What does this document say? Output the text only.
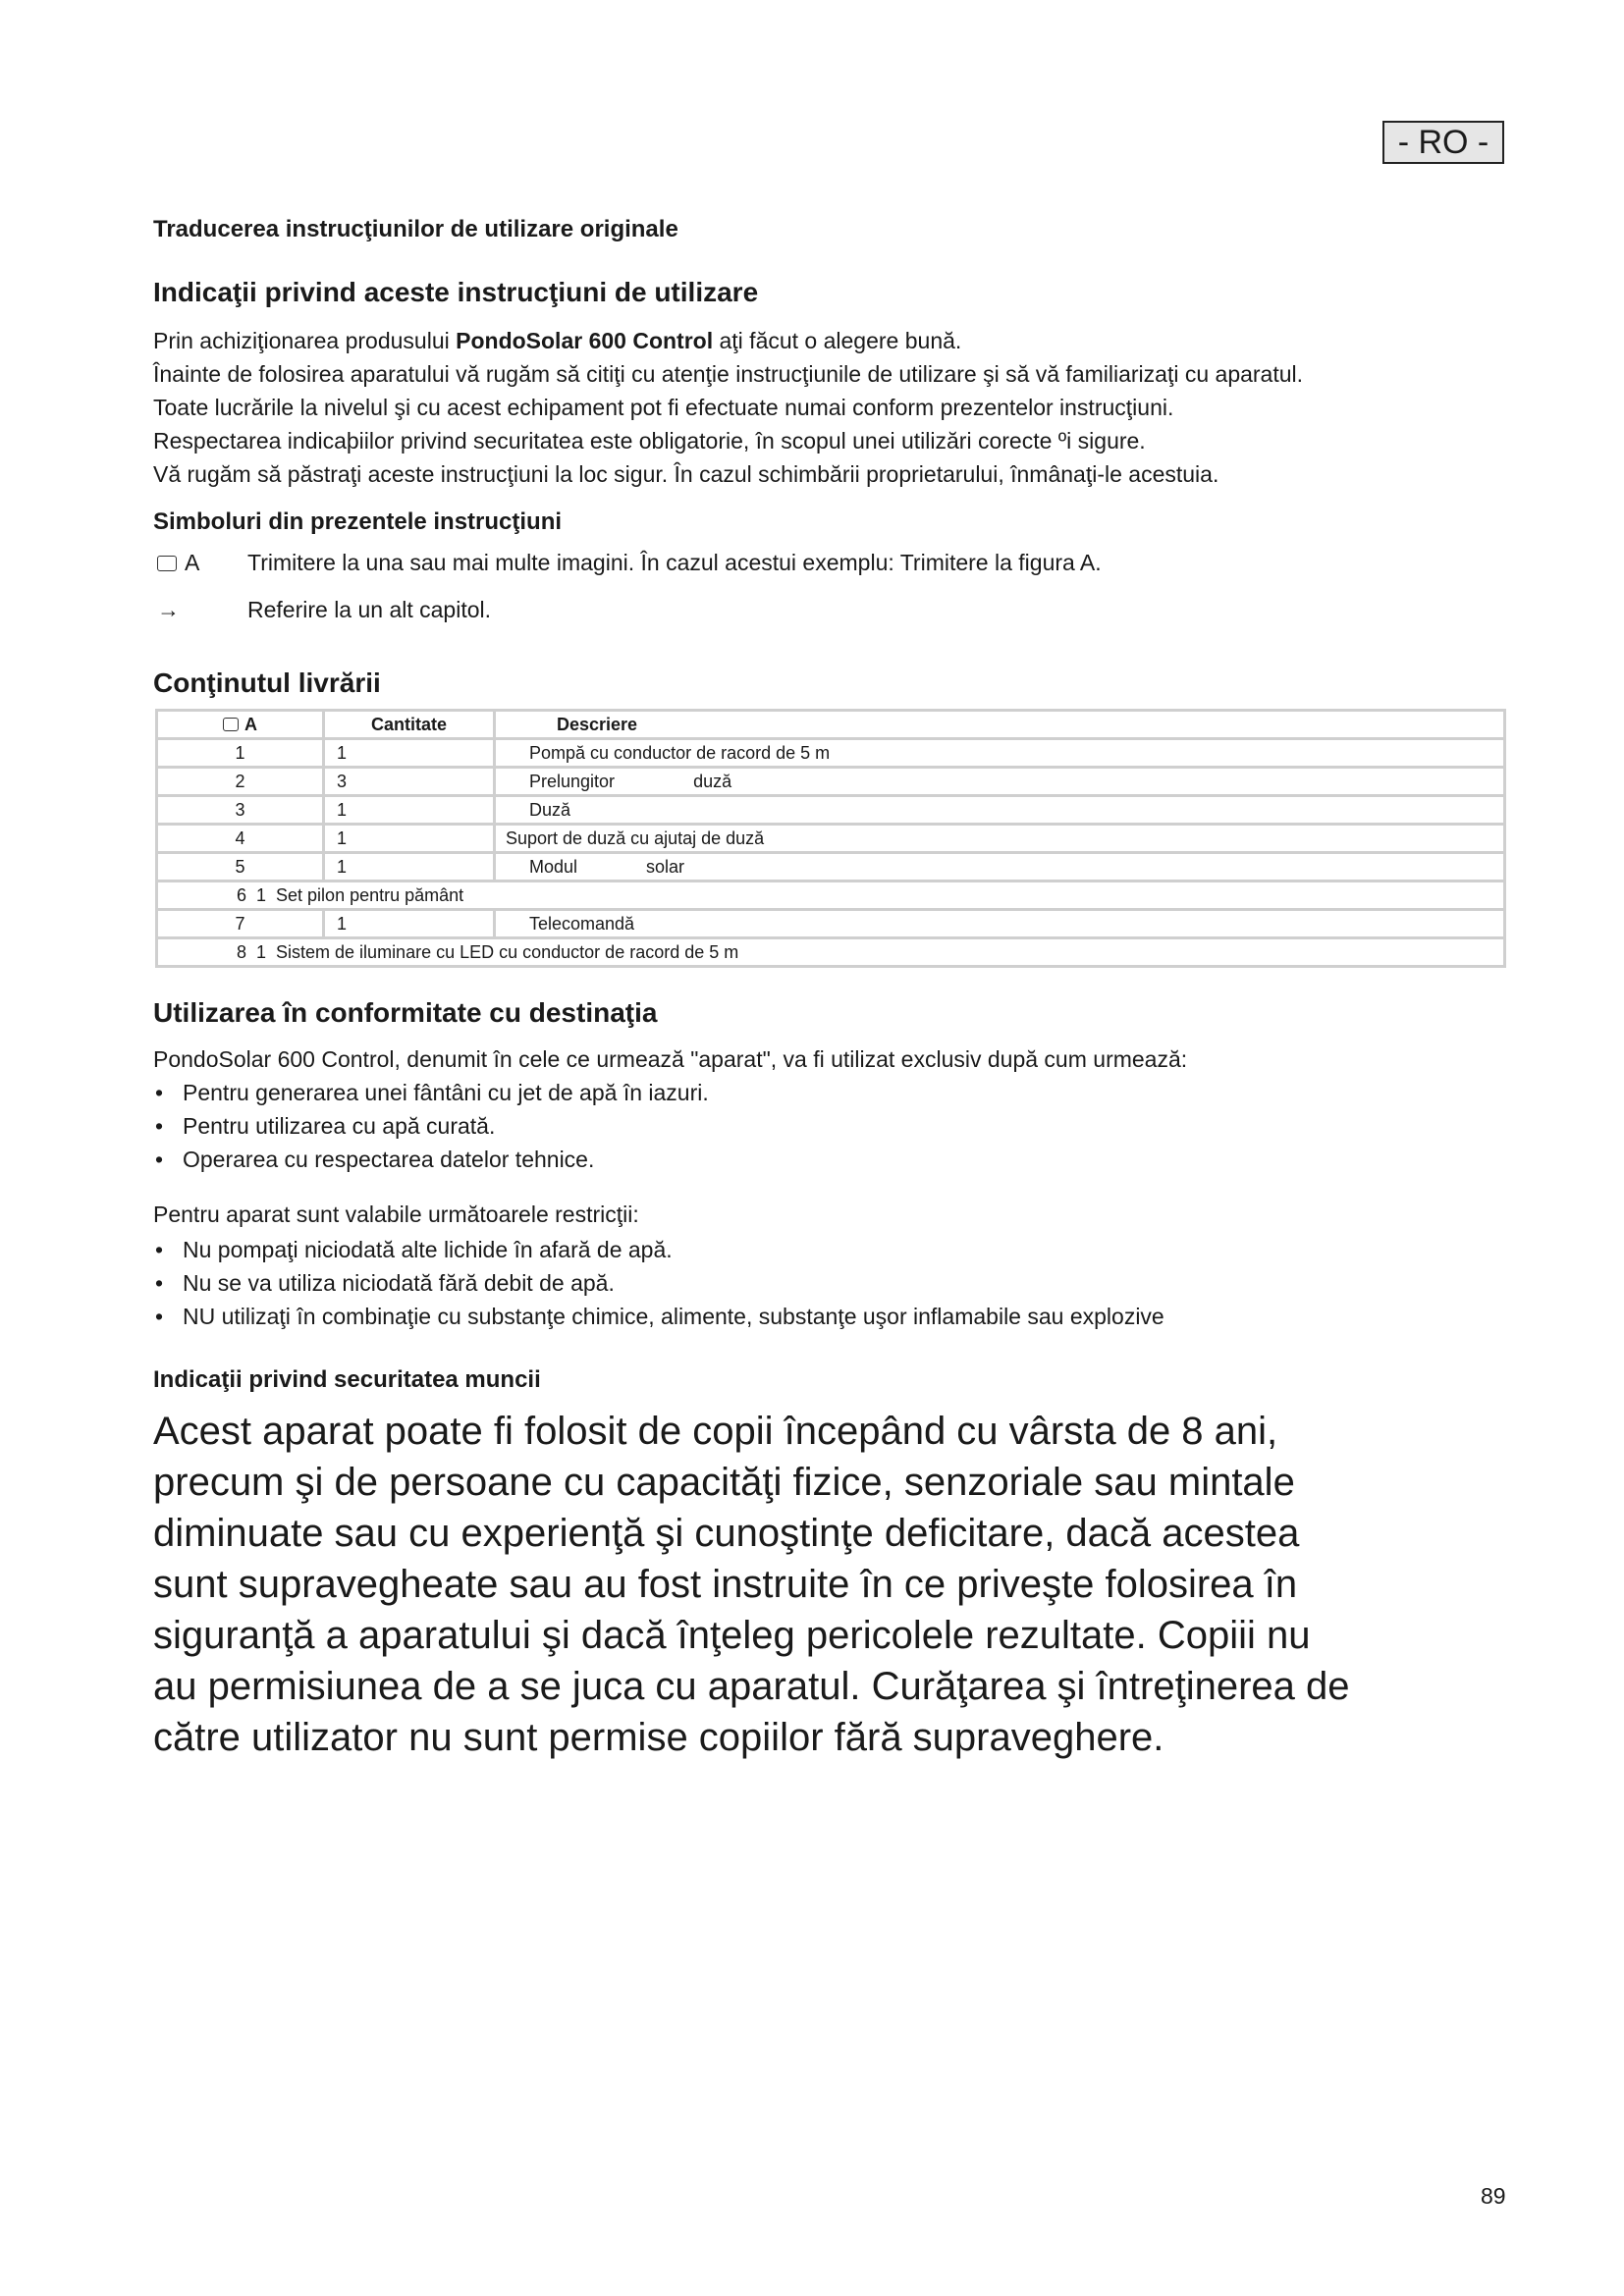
- RO -
Traducerea instrucţiunilor de utilizare originale
Indicaţii privind aceste instrucţiuni de utilizare

Prin achiziţionarea produsului PondoSolar 600 Control aţi făcut o alegere bună.

Înainte de folosirea aparatului vă rugăm să citiţi cu atenţie instrucţiunile de utilizare şi să vă familiarizaţi cu aparatul.

Toate lucrările la nivelul şi cu acest echipament pot fi efectuate numai conform prezentelor instrucţiuni.

Respectarea indicaþiilor privind securitatea este obligatorie, în scopul unei utilizări corecte ºi sigure.

Vă rugăm să păstraţi aceste instrucţiuni la loc sigur. În cazul schimbării proprietarului, înmânaţi-le acestuia.

Simboluri din prezentele instrucţiuni
A Trimitere la una sau mai multe imagini. În cazul acestui exemplu: Trimitere la figura A.
→	Referire la un alt capitol.
Conţinutul livrării
A	Cantitate	Descriere
1	1	Pompă cu conductor de racord de 5 m
2	3	Prelungitor                duză
3	1	Duză
4	1	Suport de duză cu ajutaj de duză
5	1	Modul              solar
6  1  Set pilon pentru pământ		
7	1	Telecomandă
8  1  Sistem de iluminare cu LED cu conductor de racord de 5 m		
Utilizarea în conformitate cu destinaţia

PondoSolar 600 Control, denumit în cele ce urmează "aparat", va fi utilizat exclusiv după cum urmează:

• Pentru generarea unei fântâni cu jet de apă în iazuri.
• Pentru utilizarea cu apă curată.
• Operarea cu respectarea datelor tehnice.

Pentru aparat sunt valabile următoarele restricţii:

• Nu pompaţi niciodată alte lichide în afară de apă.
• Nu se va utiliza niciodată fără debit de apă.
• NU utilizaţi în combinaţie cu substanţe chimice, alimente, substanţe uşor inflamabile sau explozive
Indicaţii privind securitatea muncii

Acest aparat poate fi folosit de copii începând cu vârsta de 8 ani,

precum şi de persoane cu capacităţi fizice, senzoriale sau mintale

diminuate sau cu experienţă şi cunoştinţe deficitare, dacă acestea

sunt supravegheate sau au fost instruite în ce priveşte folosirea în

siguranţă a aparatului şi dacă înţeleg pericolele rezultate. Copiii nu

au permisiunea de a se juca cu aparatul. Curăţarea şi întreţinerea de

către utilizator nu sunt permise copiilor fără supraveghere.

89
